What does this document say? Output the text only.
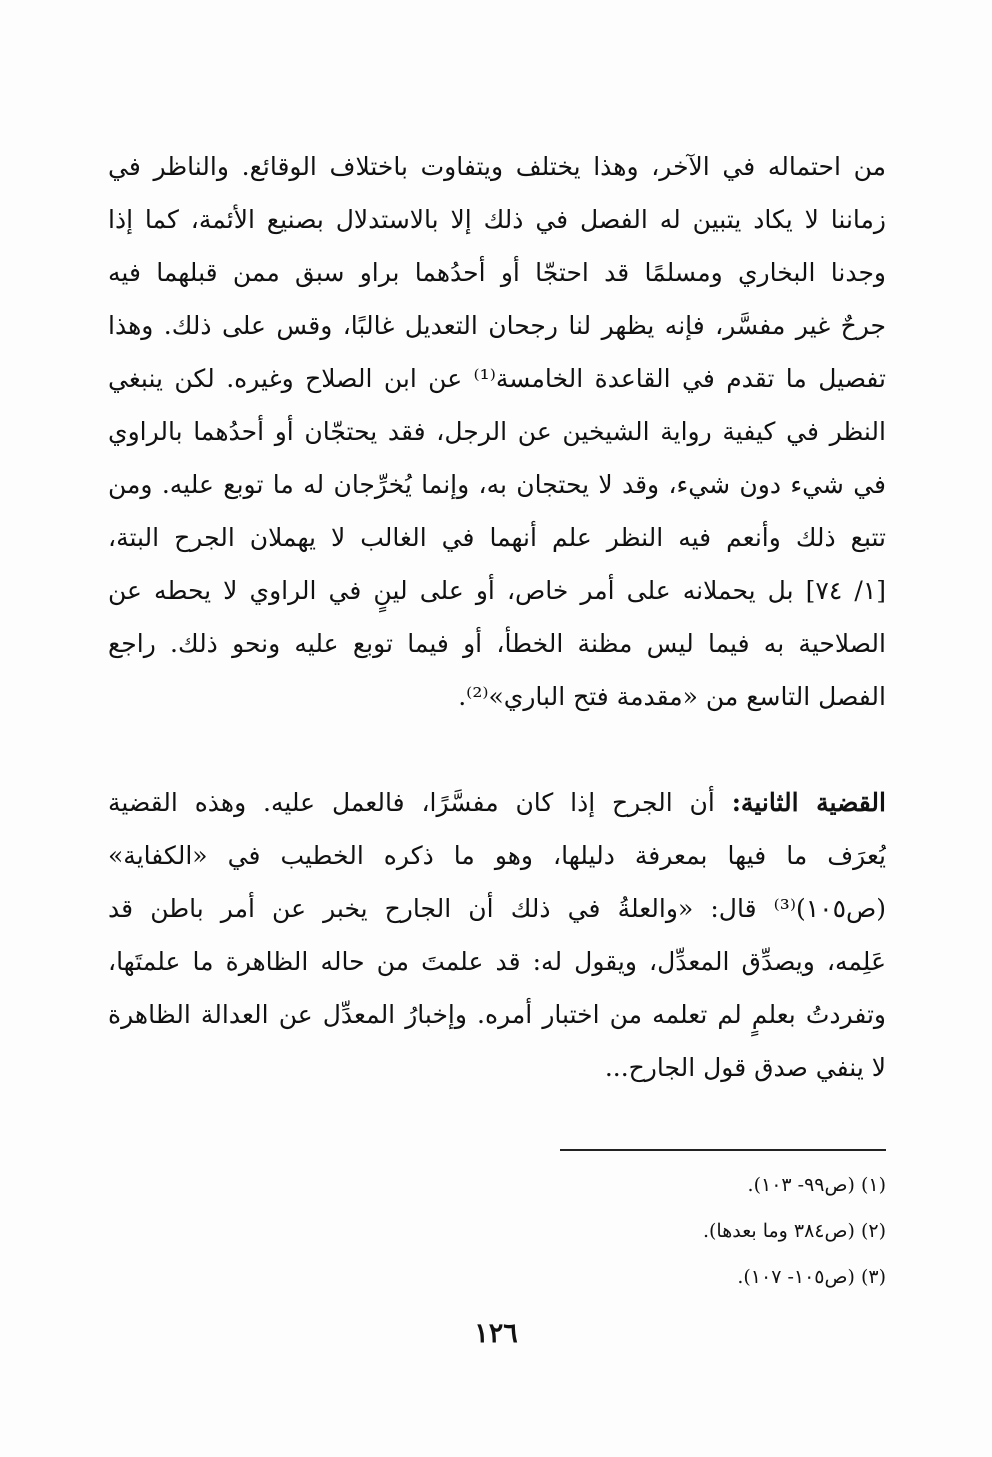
من احتماله في الآخر، وهذا يختلف ويتفاوت باختلاف الوقائع. والناظر في
زماننا لا يكاد يتبين له الفصل في ذلك إلا بالاستدلال بصنيع الأئمة، كما إذا
وجدنا البخاري ومسلمًا قد احتجّا أو أحدُهما براو سبق ممن قبلهما فيه
جرحٌ غير مفسَّر، فإنه يظهر لنا رجحان التعديل غالبًا، وقس على ذلك. وهذا
تفصيل ما تقدم في القاعدة الخامسة⁽¹⁾ عن ابن الصلاح وغيره. لكن ينبغي
النظر في كيفية رواية الشيخين عن الرجل، فقد يحتجّان أو أحدُهما بالراوي
في شيء دون شيء، وقد لا يحتجان به، وإنما يُخرِّجان له ما توبع عليه. ومن
تتبع ذلك وأنعم فيه النظر علم أنهما في الغالب لا يهملان الجرح البتة،
[١/ ٧٤] بل يحملانه على أمر خاص، أو على لينٍ في الراوي لا يحطه عن
الصلاحية به فيما ليس مظنة الخطأ، أو فيما توبع عليه ونحو ذلك. راجع
الفصل التاسع من «مقدمة فتح الباري»⁽²⁾.
القضية الثانية: أن الجرح إذا كان مفسَّرًا، فالعمل عليه. وهذه القضية
يُعرَف ما فيها بمعرفة دليلها، وهو ما ذكره الخطيب في «الكفاية»
(ص١٠٥)⁽³⁾ قال: «والعلةُ في ذلك أن الجارح يخبر عن أمر باطن قد
عَلِمه، ويصدِّق المعدِّل، ويقول له: قد علمتَ من حاله الظاهرة ما علمتَها،
وتفردتُ بعلمٍ لم تعلمه من اختبار أمره. وإخبارُ المعدِّل عن العدالة الظاهرة
لا ينفي صدق قول الجارح...
(١) (ص٩٩- ١٠٣).
(٢) (ص٣٨٤ وما بعدها).
(٣) (ص١٠٥- ١٠٧).
١٢٦
